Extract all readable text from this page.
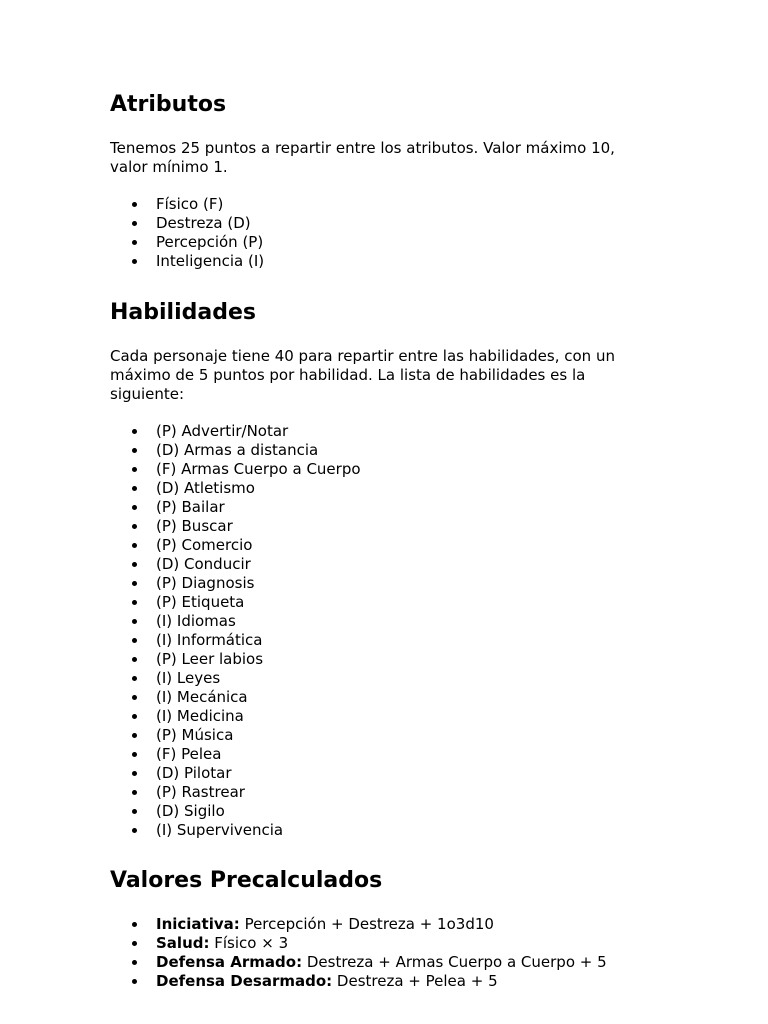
Atributos

Tenemos 25 puntos a repartir entre los atributos. Valor máximo 10, valor mínimo 1.

Físico (F)
Destreza (D)
Percepción (P)
Inteligencia (I)
Habilidades

Cada personaje tiene 40 para repartir entre las habilidades, con un máximo de 5 puntos por habilidad. La lista de habilidades es la siguiente:

(P) Advertir/Notar
(D) Armas a distancia
(F) Armas Cuerpo a Cuerpo
(D) Atletismo
(P) Bailar
(P) Buscar
(P) Comercio
(D) Conducir
(P) Diagnosis
(P) Etiqueta
(I) Idiomas
(I) Informática
(P) Leer labios
(I) Leyes
(I) Mecánica
(I) Medicina
(P) Música
(F) Pelea
(D) Pilotar
(P) Rastrear
(D) Sigilo
(I) Supervivencia
Valores Precalculados
Iniciativa: Percepción + Destreza + 1o3d10
Salud: Físico × 3
Defensa Armado: Destreza + Armas Cuerpo a Cuerpo + 5
Defensa Desarmado: Destreza + Pelea + 5
